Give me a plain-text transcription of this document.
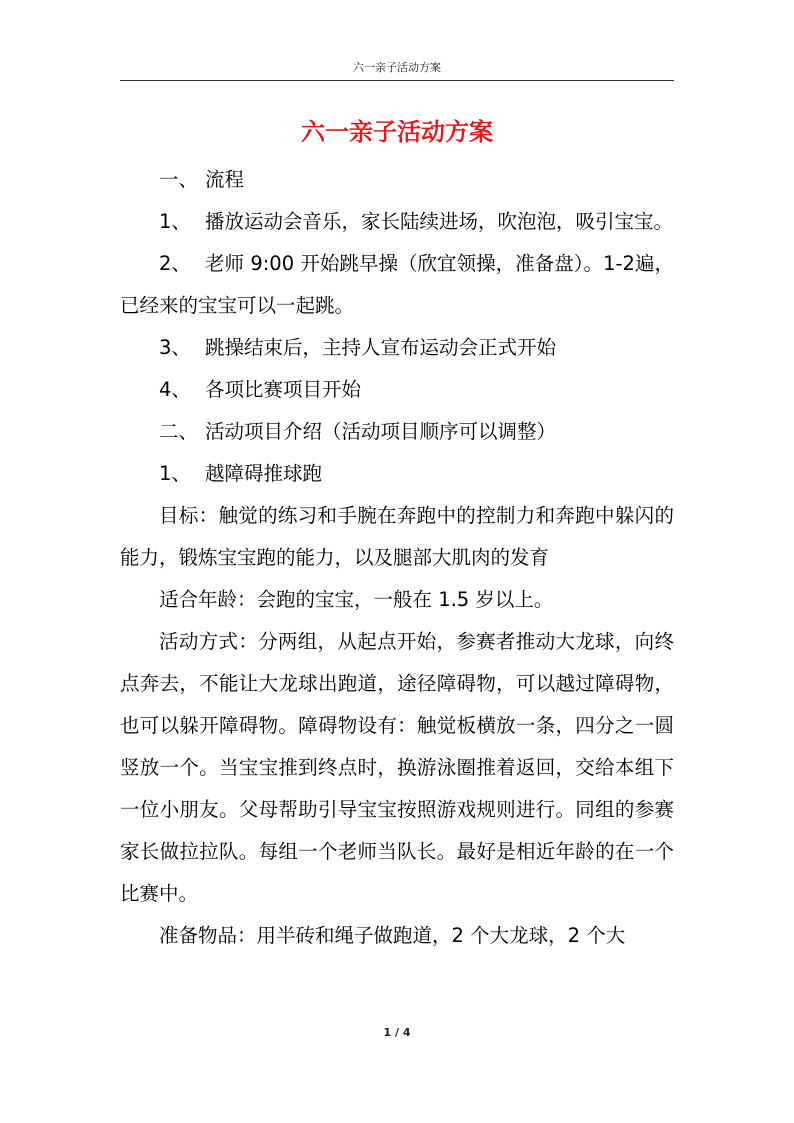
六一亲子活动方案
六一亲子活动方案

一、 流程

1、 播放运动会音乐，家长陆续进场，吹泡泡，吸引宝宝。

2、 老师 9:00 开始跳早操（欣宜领操，准备盘）。1-2遍，已经来的宝宝可以一起跳。

3、 跳操结束后，主持人宣布运动会正式开始

4、 各项比赛项目开始

二、 活动项目介绍（活动项目顺序可以调整）

1、 越障碍推球跑

目标：触觉的练习和手腕在奔跑中的控制力和奔跑中躲闪的能力，锻炼宝宝跑的能力，以及腿部大肌肉的发育

适合年龄：会跑的宝宝，一般在 1.5 岁以上。

活动方式：分两组，从起点开始，参赛者推动大龙球，向终点奔去，不能让大龙球出跑道，途径障碍物，可以越过障碍物，也可以躲开障碍物。障碍物设有：触觉板横放一条，四分之一圆竖放一个。当宝宝推到终点时，换游泳圈推着返回，交给本组下一位小朋友。父母帮助引导宝宝按照游戏规则进行。同组的参赛家长做拉拉队。每组一个老师当队长。最好是相近年龄的在一个比赛中。

准备物品：用半砖和绳子做跑道，2 个大龙球，2 个大

1 / 4
